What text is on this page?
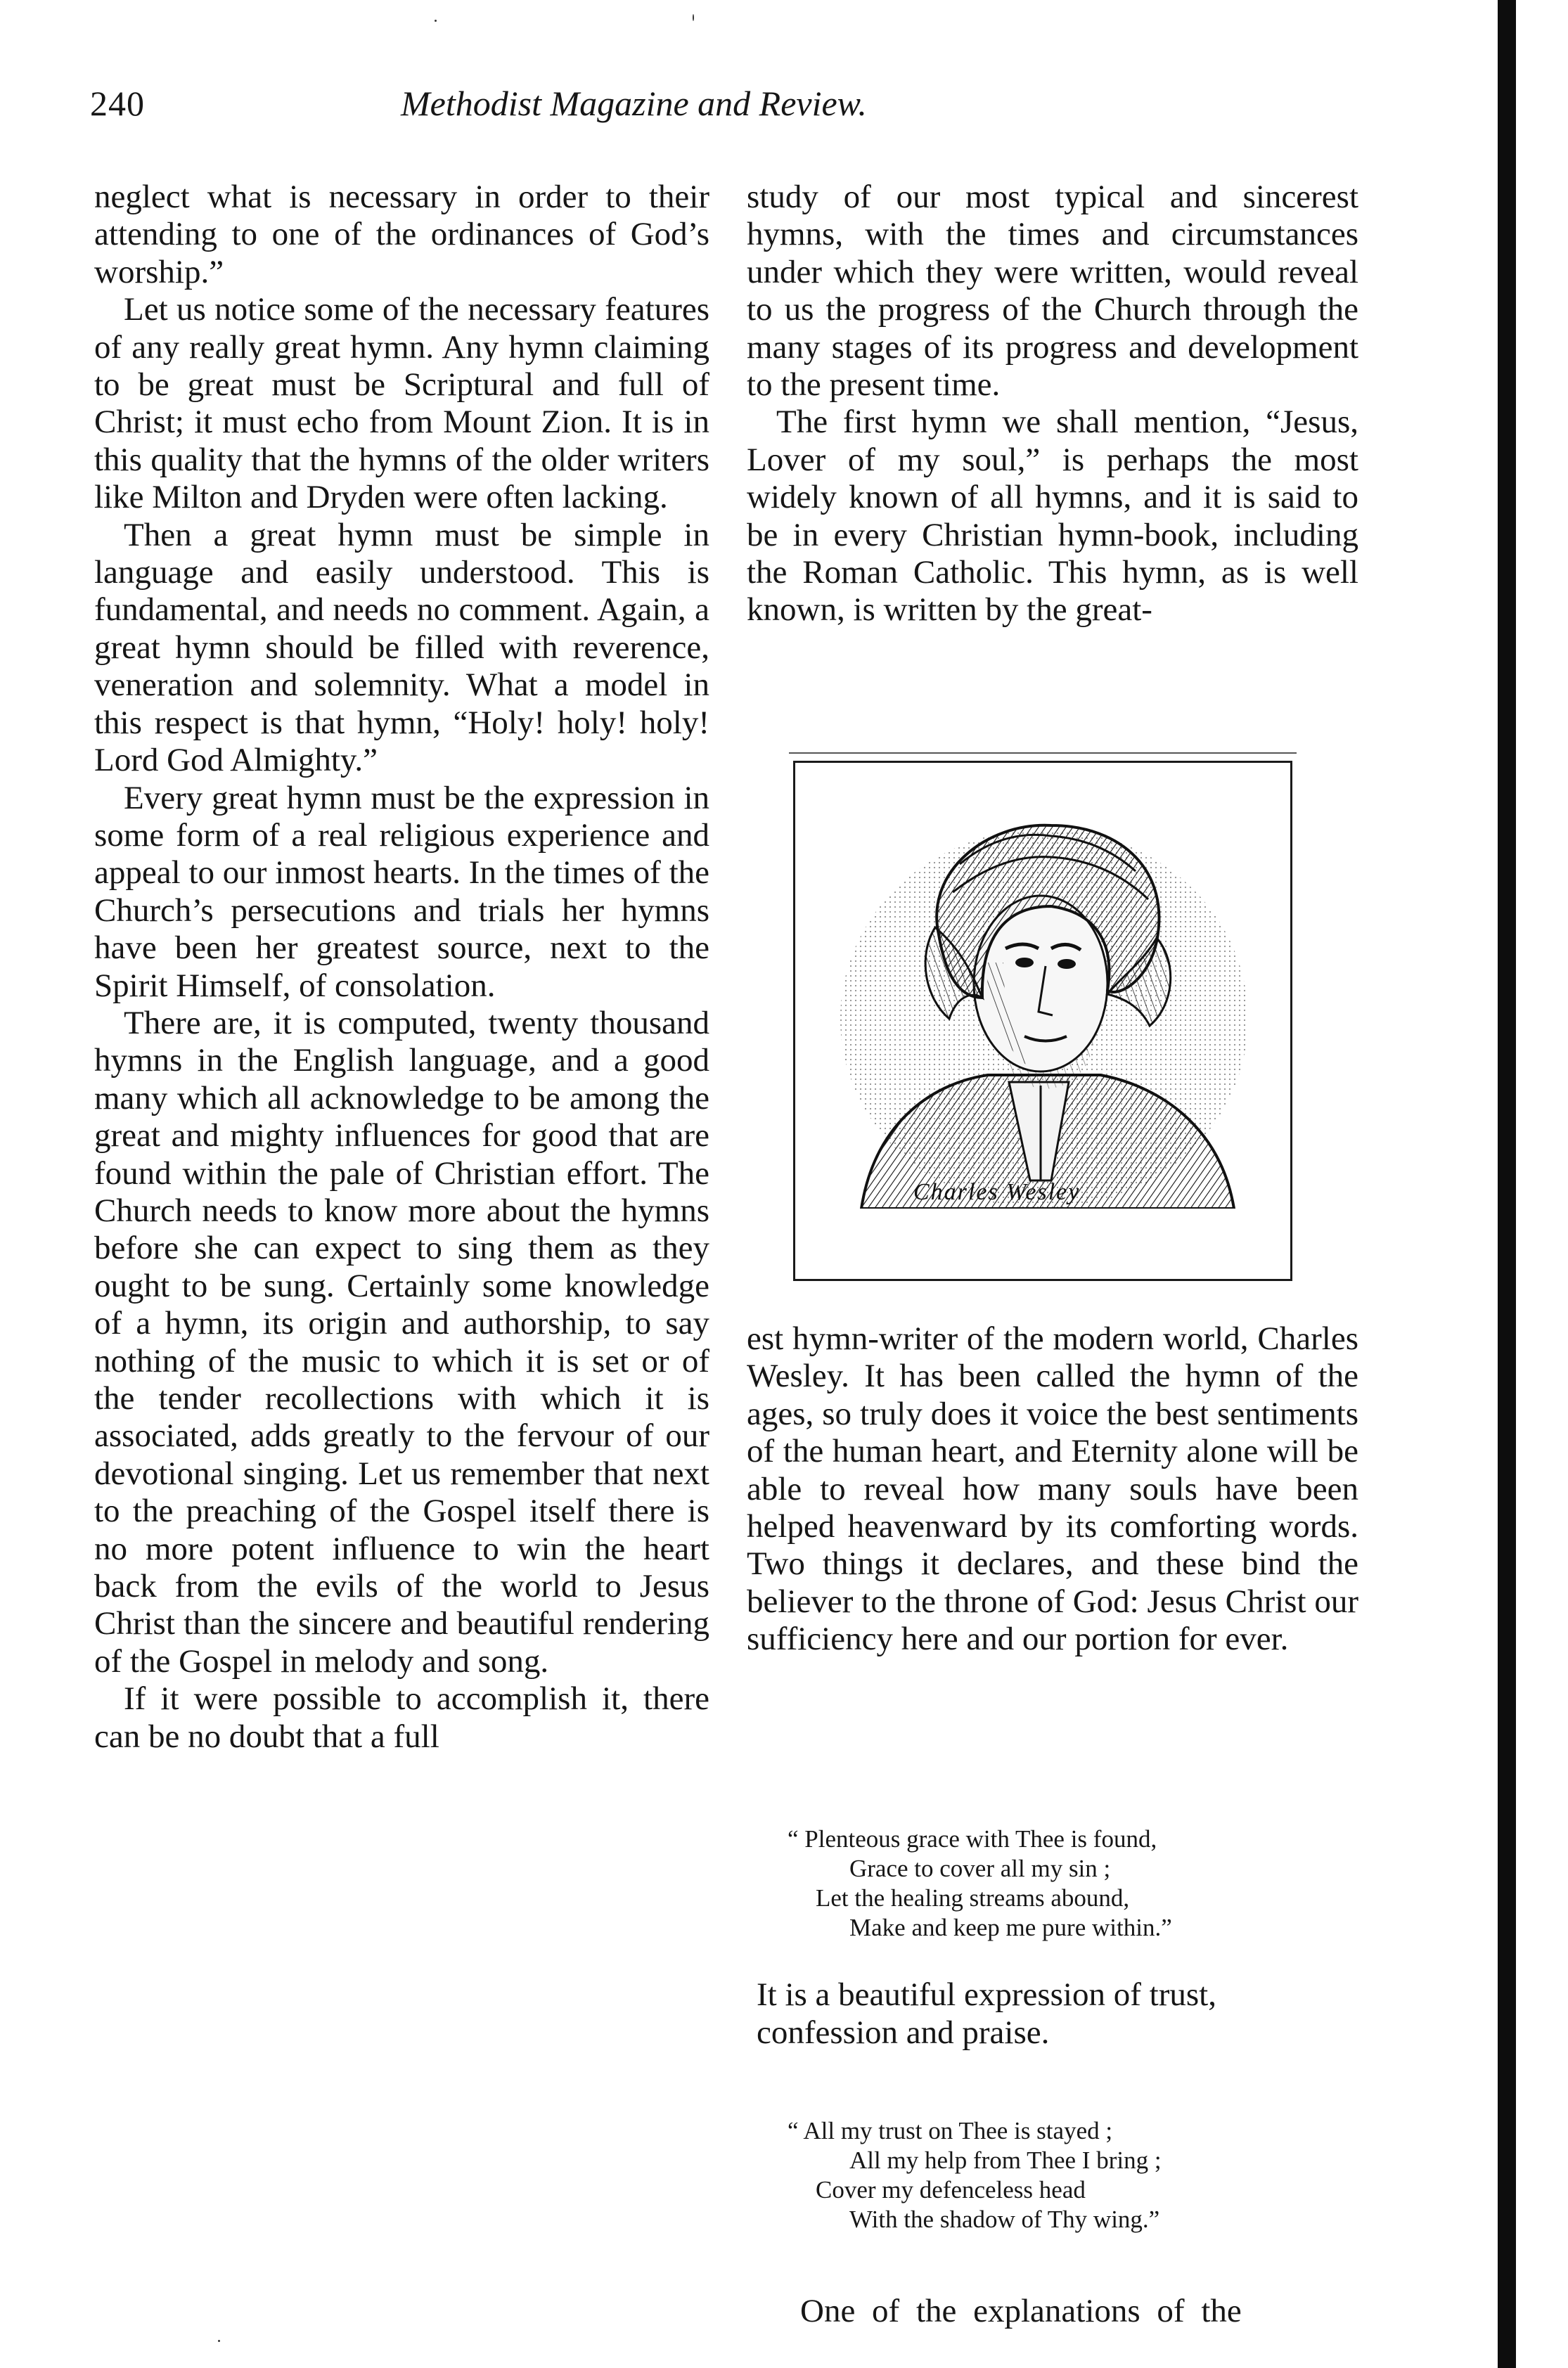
240	Methodist Magazine and Review.

neglect what is necessary in order to their attending to one of the ordinances of God’s worship.”

Let us notice some of the necessary features of any really great hymn. Any hymn claiming to be great must be Scriptural and full of Christ; it must echo from Mount Zion. It is in this quality that the hymns of the older writers like Milton and Dryden were often lacking.

Then a great hymn must be simple in language and easily understood. This is fundamental, and needs no comment. Again, a great hymn should be filled with reverence, veneration and solemnity. What a model in this respect is that hymn, “Holy! holy! holy! Lord God Almighty.”

Every great hymn must be the expression in some form of a real religious experience and appeal to our inmost hearts. In the times of the Church’s persecutions and trials her hymns have been her greatest source, next to the Spirit Himself, of consolation.

There are, it is computed, twenty thousand hymns in the English language, and a good many which all acknowledge to be among the great and mighty influences for good that are found within the pale of Christian effort. The Church needs to know more about the hymns before she can expect to sing them as they ought to be sung. Certainly some knowledge of a hymn, its origin and authorship, to say nothing of the music to which it is set or of the tender recollections with which it is associated, adds greatly to the fervour of our devotional singing. Let us remember that next to the preaching of the Gospel itself there is no more potent influence to win the heart back from the evils of the world to Jesus Christ than the sincere and beautiful rendering of the Gospel in melody and song.

If it were possible to accomplish it, there can be no doubt that a full

study of our most typical and sincerest hymns, with the times and circumstances under which they were written, would reveal to us the progress of the Church through the many stages of its progress and development to the present time.

The first hymn we shall mention, “Jesus, Lover of my soul,” is perhaps the most widely known of all hymns, and it is said to be in every Christian hymn-book, including the Roman Catholic. This hymn, as is well known, is written by the great-

Charles Wesley

est hymn-writer of the modern world, Charles Wesley. It has been called the hymn of the ages, so truly does it voice the best sentiments of the human heart, and Eternity alone will be able to reveal how many souls have been helped heavenward by its comforting words. Two things it declares, and these bind the believer to the throne of God: Jesus Christ our sufficiency here and our portion for ever.

“ Plenteous grace with Thee is found,
Grace to cover all my sin ;
Let the healing streams abound,
Make and keep me pure within.”

It is a beautiful expression of trust, confession and praise.

“ All my trust on Thee is stayed ;
All my help from Thee I bring ;
Cover my defenceless head
With the shadow of Thy wing.”
One of the explanations of the
